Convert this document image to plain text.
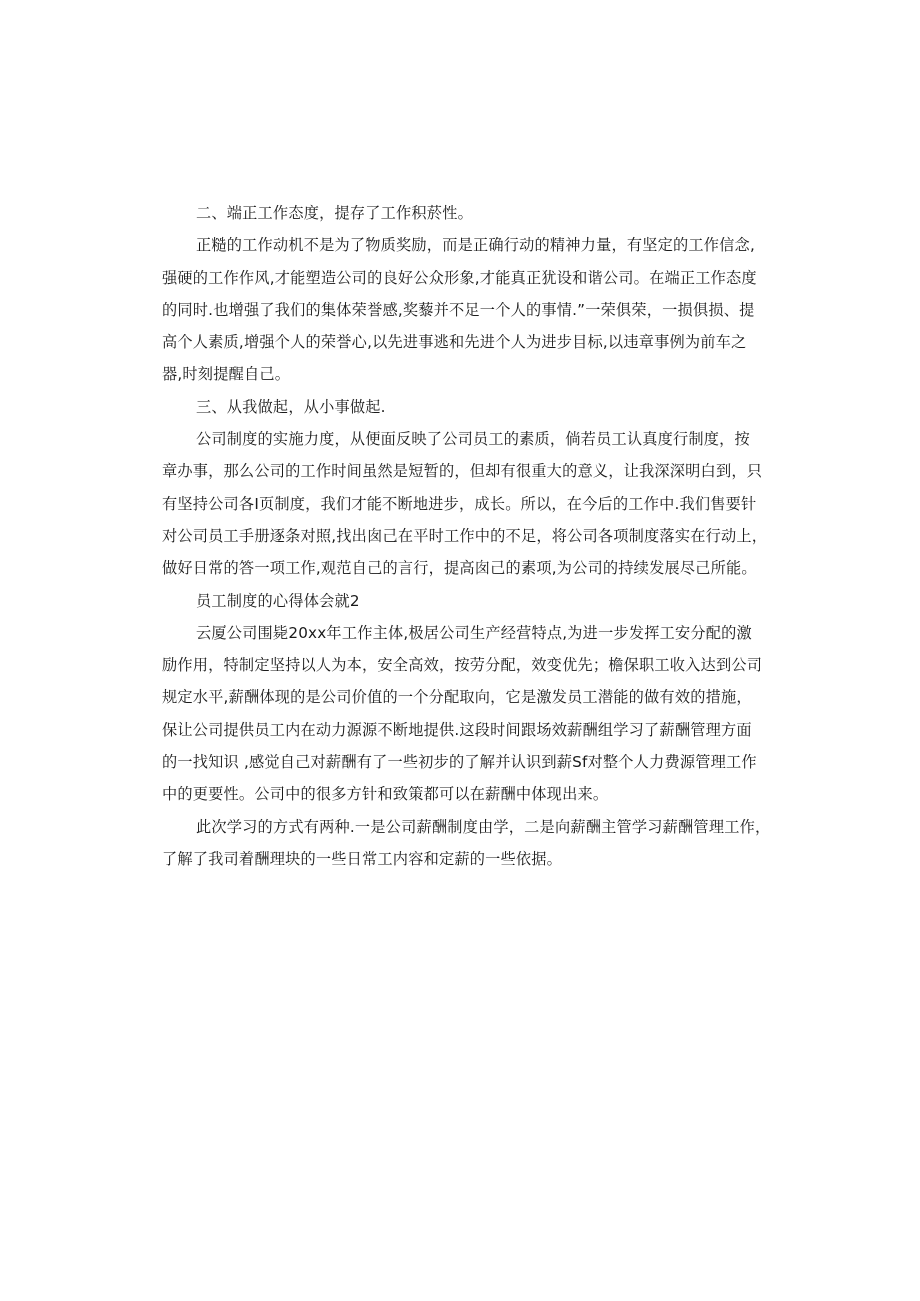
二、端正工作态度，提存了工作积菸性。
正糙的工作动机不是为了物质奖励，而是正确行动的精神力量，有坚定的工作信念,
强硬的工作作风,才能塑造公司的良好公众形象,才能真正犹设和谐公司。在端正工作态度
的同时.也增强了我们的集体荣誉感,奖藜并不足一个人的事情.”一荣俱荣，一损俱损、提
高个人素质,增强个人的荣誉心,以先进事逃和先进个人为进步目标,以违章事例为前车之
器,时刻提醒自己。
三、从我做起，从小事做起.
公司制度的实施力度，从便面反映了公司员工的素质，倘若员工认真度行制度，按
章办事，那么公司的工作时间虽然是短暂的，但却有很重大的意义，让我深深明白到，只
有坚持公司各I页制度，我们才能不断地进步，成长。所以，在今后的工作中.我们售要针
对公司员工手册逐条对照,找出囱己在平时工作中的不足，将公司各项制度落实在行动上，
做好日常的答一项工作,观范自己的言行，提高囱己的素项,为公司的持续发展尽己所能。
员工制度的心得体会就2
云厦公司围毙20xx年工作主体,极居公司生产经营特点,为进一步发挥工安分配的激
励作用，特制定坚持以人为本，安全高效，按劳分配，效变优先；檐保职工收入达到公司
规定水平,薪酬体现的是公司价值的一个分配取向，它是激发员工潜能的做有效的措施，
保让公司提供员工内在动力源源不断地提供.这段时间跟场效薪酬组学习了薪酬管理方面
的一找知识 ,感觉自己对薪酬有了一些初步的了解并认识到薪Sf对整个人力费源管理工作
中的更要性。公司中的很多方针和致策都可以在薪酬中体现出来。
此次学习的方式有两种.一是公司薪酬制度由学，二是向薪酬主管学习薪酬管理工作，
了解了我司着酬理块的一些日常工内容和定薪的一些依据。
